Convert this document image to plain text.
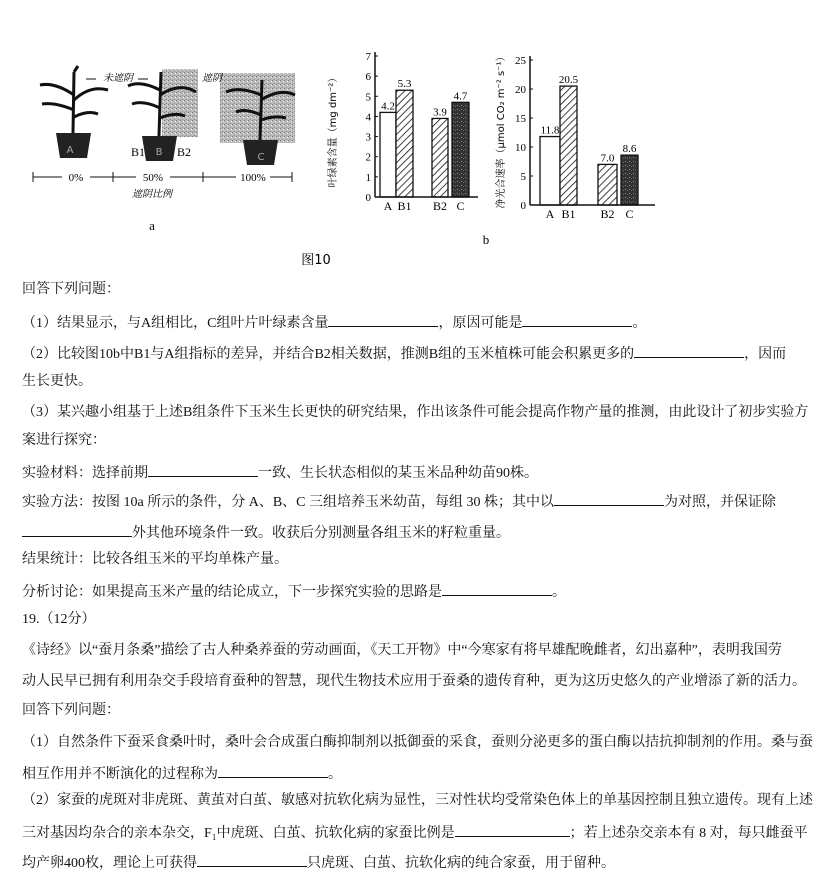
A	B	C
B1	B2
未遮阴	遮阴
0%	50%	100%
遮阴比例
a
b
图10
4.2
A
5.3
B1
3.9
B2
4.7
C
0
1
2
3
4
5
6
7
叶绿素含量（mg dm⁻²）	11.8
A
20.5
B1
7.0
B2
8.6
C
0
5
10
15
20
25
净光合速率（μmol CO₂ m⁻² s⁻¹）
回答下列问题：
（1）结果显示，与A组相比，C组叶片叶绿素含量	，原因可能是	。
（2）比较图10b中B1与A组指标的差异，并结合B2相关数据，推测B组的玉米植株可能会积累更多的	，因而
生长更快。
（3）某兴趣小组基于上述B组条件下玉米生长更快的研究结果，作出该条件可能会提高作物产量的推测，由此设计了初步实验方
案进行探究：
实验材料：选择前期	一致、生长状态相似的某玉米品种幼苗90株。
实验方法：按图 10a 所示的条件，分 A、B、C 三组培养玉米幼苗，每组 30 株；其中以	为对照，并保证除
外其他环境条件一致。收获后分别测量各组玉米的籽粒重量。
结果统计：比较各组玉米的平均单株产量。
分析讨论：如果提高玉米产量的结论成立，下一步探究实验的思路是	。
19.（12分）
《诗经》以“蚕月条桑”描绘了古人种桑养蚕的劳动画面，《天工开物》中“今寒家有将早雄配晚雌者，幻出嘉种”，表明我国劳
动人民早已拥有利用杂交手段培育蚕种的智慧，现代生物技术应用于蚕桑的遗传育种，更为这历史悠久的产业增添了新的活力。
回答下列问题：
（1）自然条件下蚕采食桑叶时，桑叶会合成蛋白酶抑制剂以抵御蚕的采食，蚕则分泌更多的蛋白酶以拮抗抑制剂的作用。桑与蚕
相互作用并不断演化的过程称为	。
（2）家蚕的虎斑对非虎斑、黄茧对白茧、敏感对抗软化病为显性，三对性状均受常染色体上的单基因控制且独立遗传。现有上述
三对基因均杂合的亲本杂交，F₁中虎斑、白茧、抗软化病的家蚕比例是	；若上述杂交亲本有 8 对，每只雌蚕平
均产卵400枚，理论上可获得	只虎斑、白茧、抗软化病的纯合家蚕，用于留种。
